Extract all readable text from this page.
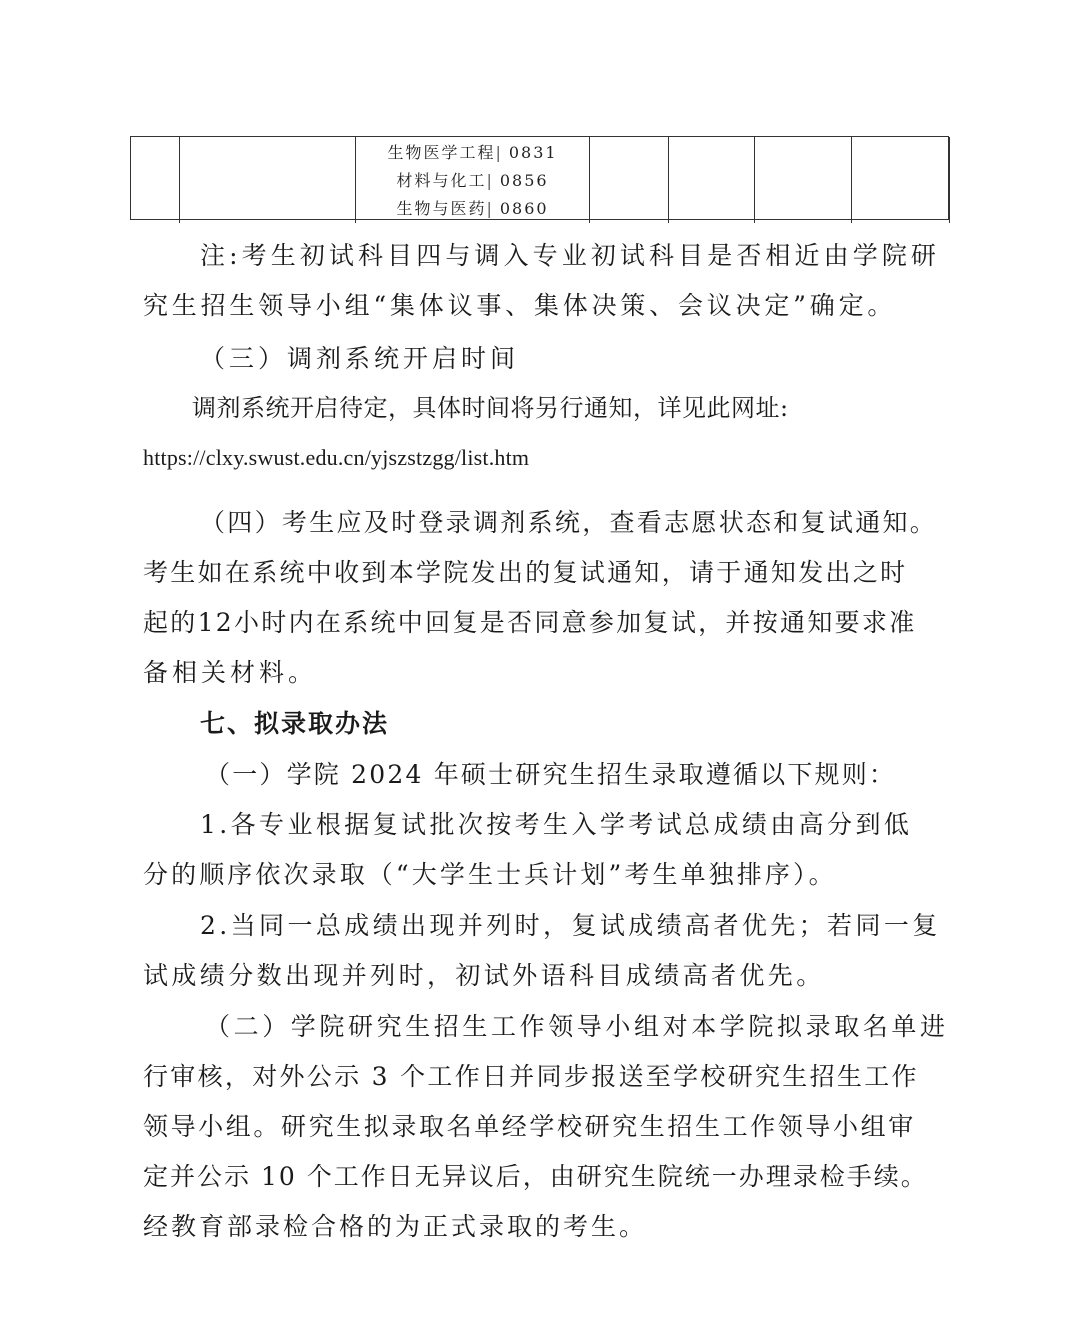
生物医学工程| 0831
材料与化工| 0856
生物与医药| 0860
注:考生初试科目四与调入专业初试科目是否相近由学院研
究生招生领导小组“集体议事、集体决策、会议决定”确定。
（三）调剂系统开启时间
调剂系统开启待定，具体时间将另行通知，详见此网址:
https://clxy.swust.edu.cn/yjszstzgg/list.htm
（四）考生应及时登录调剂系统，查看志愿状态和复试通知。
考生如在系统中收到本学院发出的复试通知，请于通知发出之时
起的12小时内在系统中回复是否同意参加复试，并按通知要求准
备相关材料。
七、拟录取办法
（一）学院 2024 年硕士研究生招生录取遵循以下规则：
1.各专业根据复试批次按考生入学考试总成绩由高分到低
分的顺序依次录取（“大学生士兵计划”考生单独排序）。
2.当同一总成绩出现并列时，复试成绩高者优先；若同一复
试成绩分数出现并列时，初试外语科目成绩高者优先。
（二）学院研究生招生工作领导小组对本学院拟录取名单进
行审核，对外公示 3 个工作日并同步报送至学校研究生招生工作
领导小组。研究生拟录取名单经学校研究生招生工作领导小组审
定并公示 10 个工作日无异议后，由研究生院统一办理录检手续。
经教育部录检合格的为正式录取的考生。
